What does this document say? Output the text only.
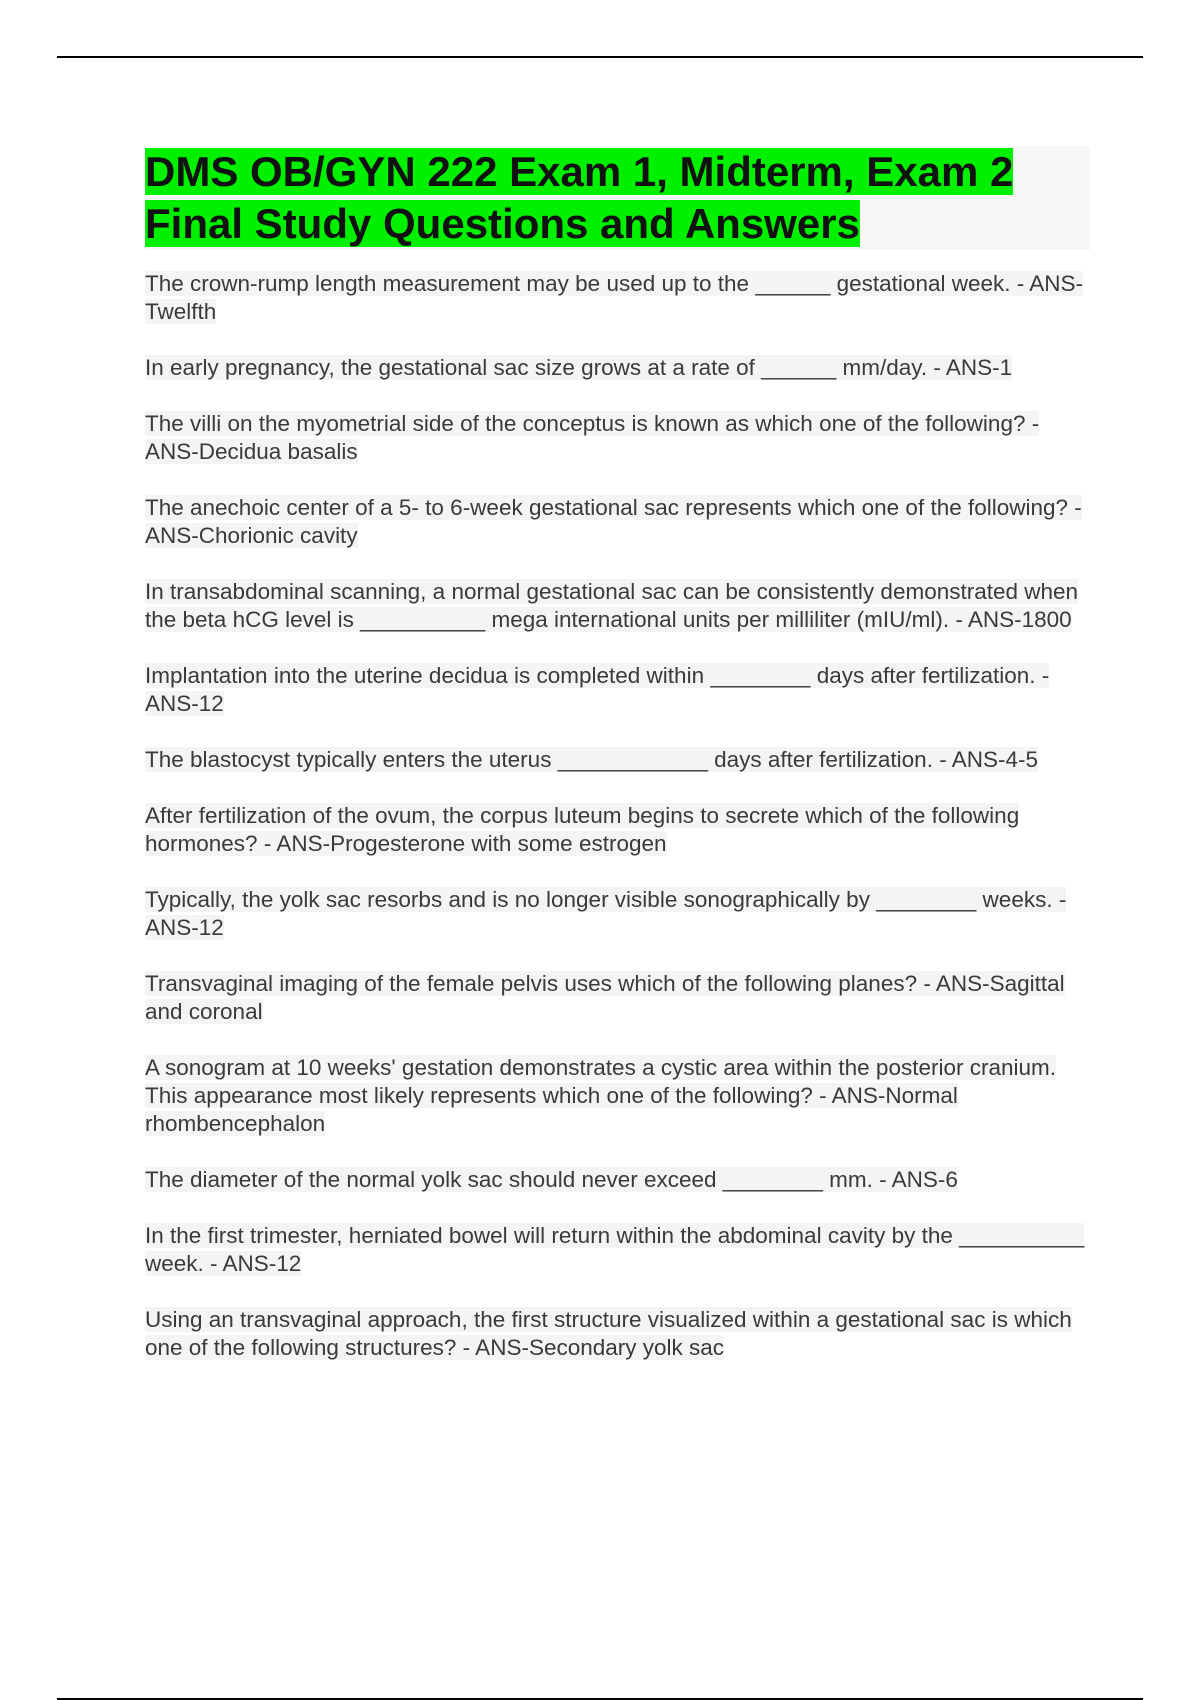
DMS OB/GYN 222 Exam 1, Midterm, Exam 2 Final Study Questions and Answers
The crown-rump length measurement may be used up to the ______ gestational week. - ANS-Twelfth
In early pregnancy, the gestational sac size grows at a rate of ______ mm/day. - ANS-1
The villi on the myometrial side of the conceptus is known as which one of the following? - ANS-Decidua basalis
The anechoic center of a 5- to 6-week gestational sac represents which one of the following? - ANS-Chorionic cavity
In transabdominal scanning, a normal gestational sac can be consistently demonstrated when the beta hCG level is __________ mega international units per milliliter (mIU/ml). - ANS-1800
Implantation into the uterine decidua is completed within ________ days after fertilization. - ANS-12
The blastocyst typically enters the uterus ____________ days after fertilization. - ANS-4-5
After fertilization of the ovum, the corpus luteum begins to secrete which of the following hormones? - ANS-Progesterone with some estrogen
Typically, the yolk sac resorbs and is no longer visible sonographically by ________ weeks. - ANS-12
Transvaginal imaging of the female pelvis uses which of the following planes? - ANS-Sagittal and coronal
A sonogram at 10 weeks' gestation demonstrates a cystic area within the posterior cranium. This appearance most likely represents which one of the following? - ANS-Normal rhombencephalon
The diameter of the normal yolk sac should never exceed ________ mm. - ANS-6
In the first trimester, herniated bowel will return within the abdominal cavity by the __________ week. - ANS-12
Using an transvaginal approach, the first structure visualized within a gestational sac is which one of the following structures? - ANS-Secondary yolk sac
